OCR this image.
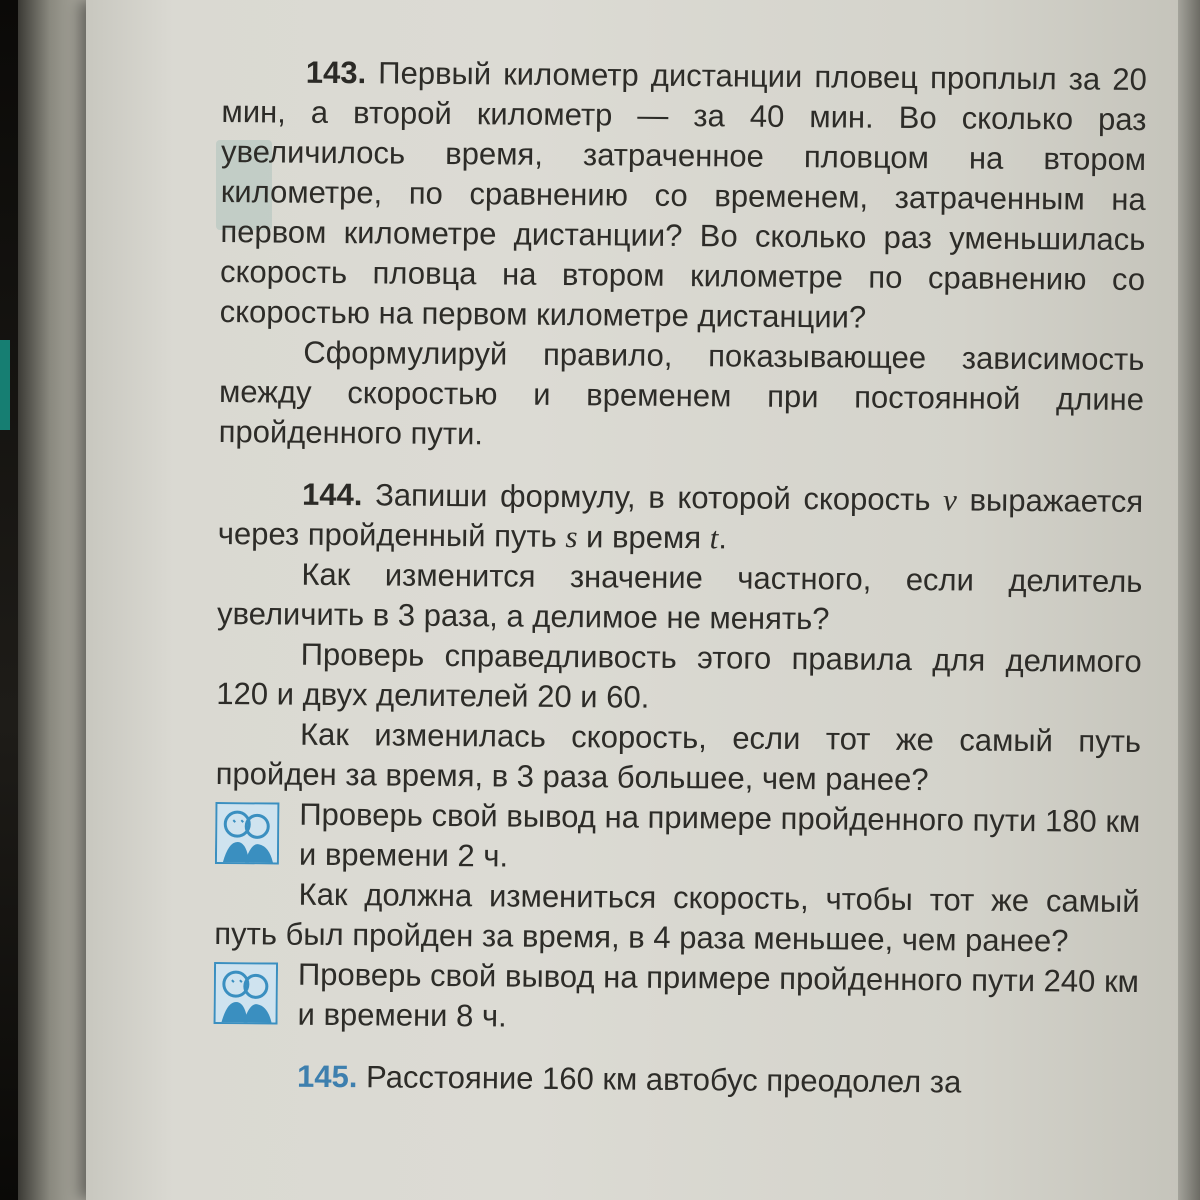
143. Первый километр дистанции пловец проплыл за 20 мин, а второй километр — за 40 мин. Во сколько раз увеличилось время, затраченное пловцом на втором километре, по сравнению со временем, затраченным на первом километре дистанции? Во сколько раз уменьшилась скорость пловца на втором километре по сравнению со скоростью на первом километре дистанции?

Сформулируй правило, показывающее зависимость между скоростью и временем при постоянной длине пройденного пути.

144. Запиши формулу, в которой скорость v выражается через пройденный путь s и время t.

Как изменится значение частного, если делитель увеличить в 3 раза, а делимое не менять?

Проверь справедливость этого правила для делимого 120 и двух делителей 20 и 60.

Как изменилась скорость, если тот же самый путь пройден за время, в 3 раза большее, чем ранее?

Проверь свой вывод на примере пройденного пути 180 км и времени 2 ч.

Как должна измениться скорость, чтобы тот же самый путь был пройден за время, в 4 раза меньшее, чем ранее?

Проверь свой вывод на примере пройденного пути 240 км и времени 8 ч.

145. Расстояние 160 км автобус преодолел за
